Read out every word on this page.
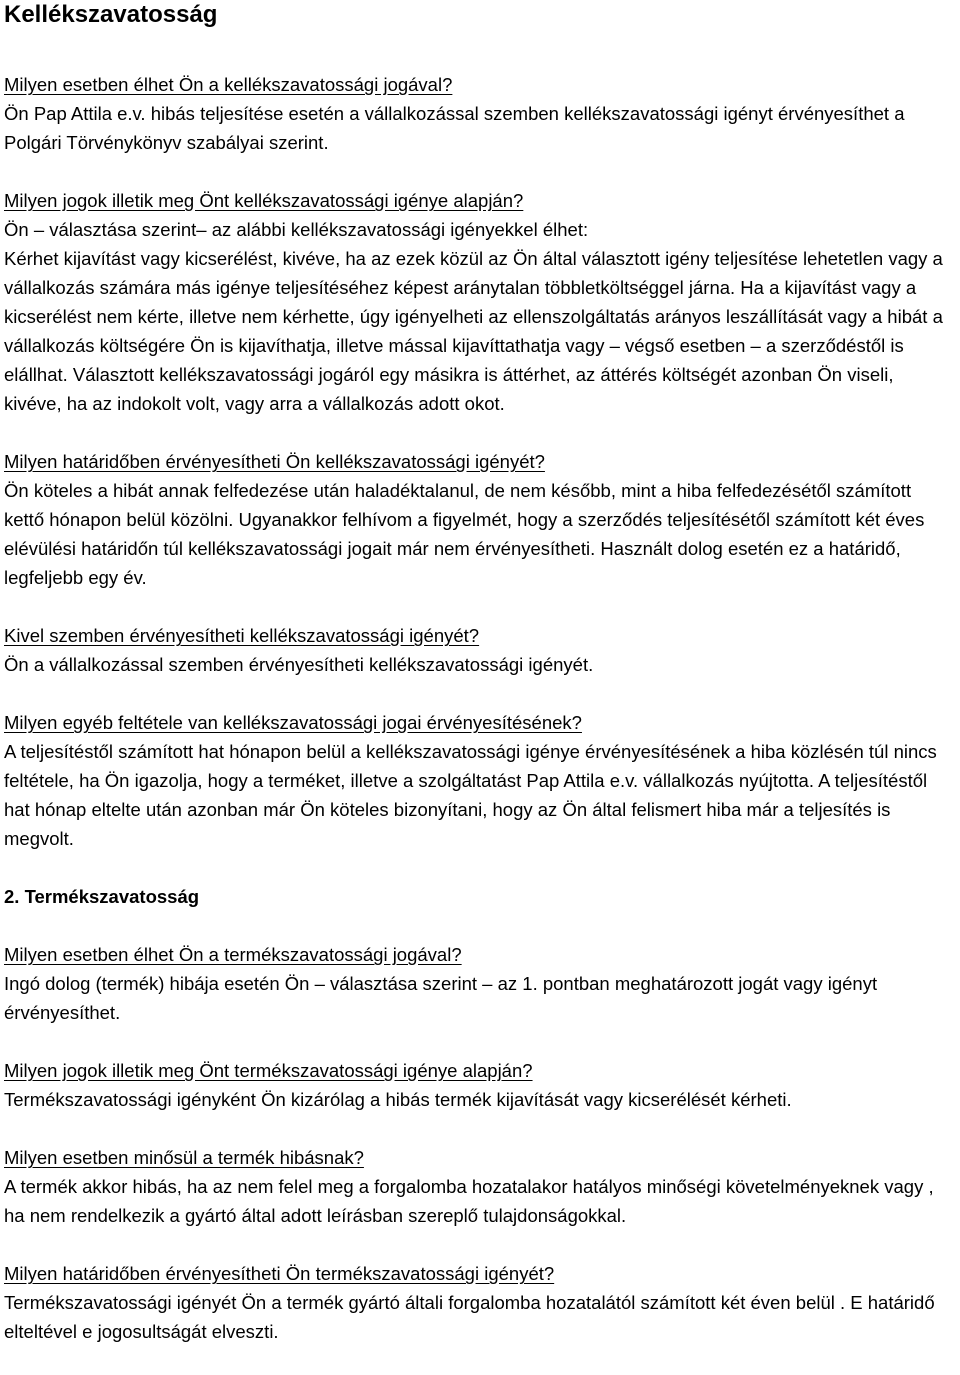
Kellékszavatosság

Milyen esetben élhet Ön a kellékszavatossági jogával?

Ön Pap Attila e.v. hibás teljesítése esetén a vállalkozással szemben kellékszavatossági igényt érvényesíthet a Polgári Törvénykönyv szabályai szerint.

Milyen jogok illetik meg Önt kellékszavatossági igénye alapján?

Ön – választása szerint– az alábbi kellékszavatossági igényekkel élhet:

Kérhet kijavítást vagy kicserélést, kivéve, ha az ezek közül az Ön által választott igény teljesítése lehetetlen vagy a vállalkozás számára más igénye teljesítéséhez képest aránytalan többletköltséggel járna. Ha a kijavítást vagy a kicserélést nem kérte, illetve nem kérhette, úgy igényelheti az ellenszolgáltatás arányos leszállítását vagy a hibát a vállalkozás költségére Ön is kijavíthatja, illetve mással kijavíttathatja vagy – végső esetben – a szerződéstől is elállhat. Választott kellékszavatossági jogáról egy másikra is áttérhet, az áttérés költségét azonban Ön viseli, kivéve, ha az indokolt volt, vagy arra a vállalkozás adott okot.

Milyen határidőben érvényesítheti Ön kellékszavatossági igényét?

Ön köteles a hibát annak felfedezése után haladéktalanul, de nem később, mint a hiba felfedezésétől számított kettő hónapon belül közölni. Ugyanakkor felhívom a figyelmét, hogy a szerződés teljesítésétől számított két éves elévülési határidőn túl kellékszavatossági jogait már nem érvényesítheti. Használt dolog esetén ez a határidő, legfeljebb egy év.

Kivel szemben érvényesítheti kellékszavatossági igényét?

Ön a vállalkozással szemben érvényesítheti kellékszavatossági igényét.

Milyen egyéb feltétele van kellékszavatossági jogai érvényesítésének?

A teljesítéstől számított hat hónapon belül a kellékszavatossági igénye érvényesítésének a hiba közlésén túl nincs feltétele, ha Ön igazolja, hogy a terméket, illetve a szolgáltatást Pap Attila e.v. vállalkozás nyújtotta. A teljesítéstől hat hónap eltelte után azonban már Ön köteles bizonyítani, hogy az Ön által felismert hiba már a teljesítés is megvolt.

2. Termékszavatosság

Milyen esetben élhet Ön a termékszavatossági jogával?

Ingó dolog (termék) hibája esetén Ön – választása szerint – az 1. pontban meghatározott jogát vagy igényt érvényesíthet.

Milyen jogok illetik meg Önt termékszavatossági igénye alapján?

Termékszavatossági igényként Ön kizárólag a hibás termék kijavítását vagy kicserélését kérheti.

Milyen esetben minősül a termék hibásnak?

A termék akkor hibás, ha az nem felel meg a forgalomba hozatalakor hatályos minőségi követelményeknek vagy , ha nem rendelkezik a gyártó által adott leírásban szereplő tulajdonságokkal.

Milyen határidőben érvényesítheti Ön termékszavatossági igényét?

Termékszavatossági igényét Ön a termék gyártó általi forgalomba hozatalától számított két éven belül . E határidő elteltével e jogosultságát elveszti.
